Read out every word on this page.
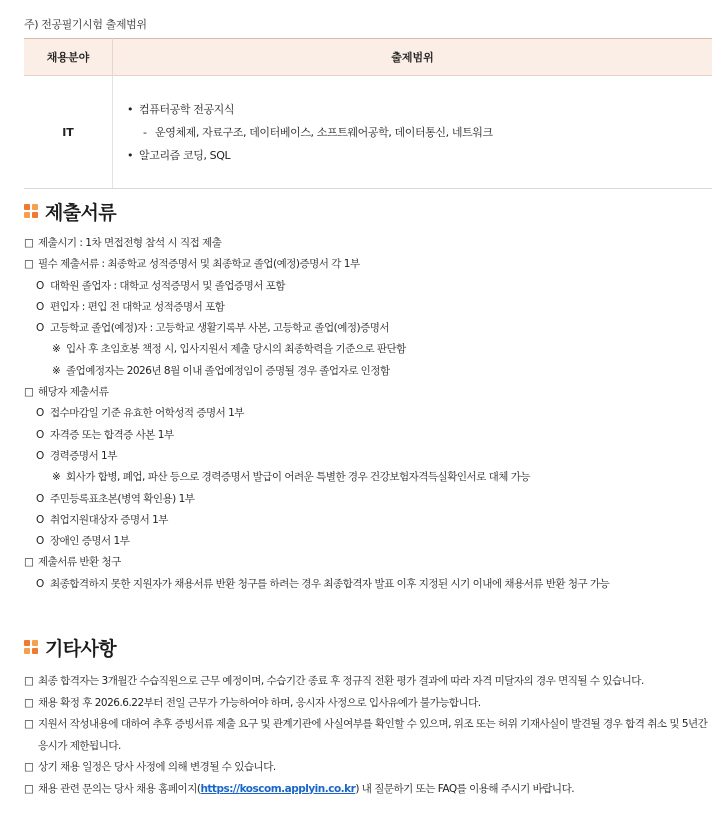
주) 전공필기시험 출제범위
채용분야	출제범위
IT	• 컴퓨터공학 전공지식
- 운영체제, 자료구조, 데이터베이스, 소프트웨어공학, 데이터통신, 네트워크
• 알고리즘 코딩, SQL
제출서류
□ 제출시기 : 1차 면접전형 참석 시 직접 제출
□ 필수 제출서류 : 최종학교 성적증명서 및 최종학교 졸업(예정)증명서 각 1부
O 대학원 졸업자 : 대학교 성적증명서 및 졸업증명서 포함
O 편입자 : 편입 전 대학교 성적증명서 포함
O 고등학교 졸업(예정)자 : 고등학교 생활기록부 사본, 고등학교 졸업(예정)증명서
※ 입사 후 초임호봉 책정 시, 입사지원서 제출 당시의 최종학력을 기준으로 판단함
※ 졸업예정자는 2026년 8월 이내 졸업예정임이 증명될 경우 졸업자로 인정함
□ 해당자 제출서류
O 접수마감일 기준 유효한 어학성적 증명서 1부
O 자격증 또는 합격증 사본 1부
O 경력증명서 1부
※ 회사가 합병, 폐업, 파산 등으로 경력증명서 발급이 어려운 특별한 경우 건강보험자격득실확인서로 대체 가능
O 주민등록표초본(병역 확인용) 1부
O 취업지원대상자 증명서 1부
O 장애인 증명서 1부
□ 제출서류 반환 청구
O 최종합격하지 못한 지원자가 채용서류 반환 청구를 하려는 경우 최종합격자 발표 이후 지정된 시기 이내에 채용서류 반환 청구 가능
기타사항
□ 최종 합격자는 3개월간 수습직원으로 근무 예정이며, 수습기간 종료 후 정규직 전환 평가 결과에 따라 자격 미달자의 경우 면직될 수 있습니다.
□ 채용 확정 후 2026.6.22부터 전일 근무가 가능하여야 하며, 응시자 사정으로 입사유예가 불가능합니다.
□ 지원서 작성내용에 대하여 추후 증빙서류 제출 요구 및 관계기관에 사실여부를 확인할 수 있으며, 위조 또는 허위 기재사실이 발견될 경우 합격 취소 및 5년간 응시가 제한됩니다.
□ 상기 채용 일정은 당사 사정에 의해 변경될 수 있습니다.
□ 채용 관련 문의는 당사 채용 홈페이지(https://koscom.applyin.co.kr) 내 질문하기 또는 FAQ를 이용해 주시기 바랍니다.
